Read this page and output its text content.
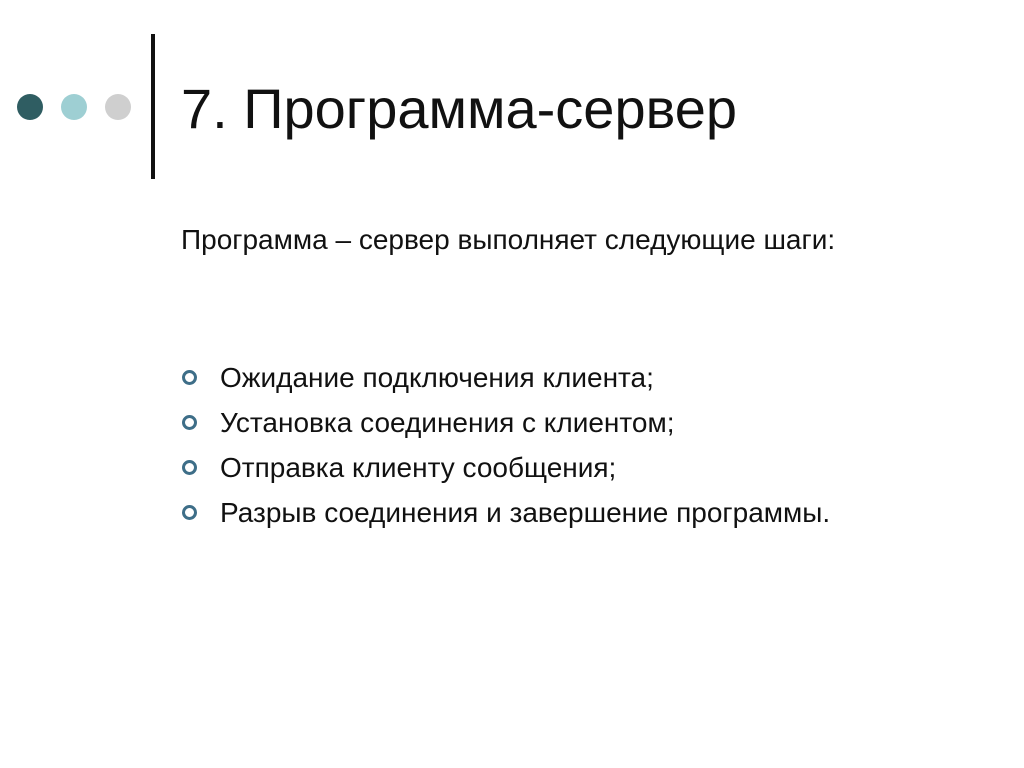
7. Программа-сервер
Программа – сервер выполняет следующие шаги:
Ожидание подключения клиента;
Установка соединения с клиентом;
Отправка клиенту сообщения;
Разрыв соединения и завершение программы.
